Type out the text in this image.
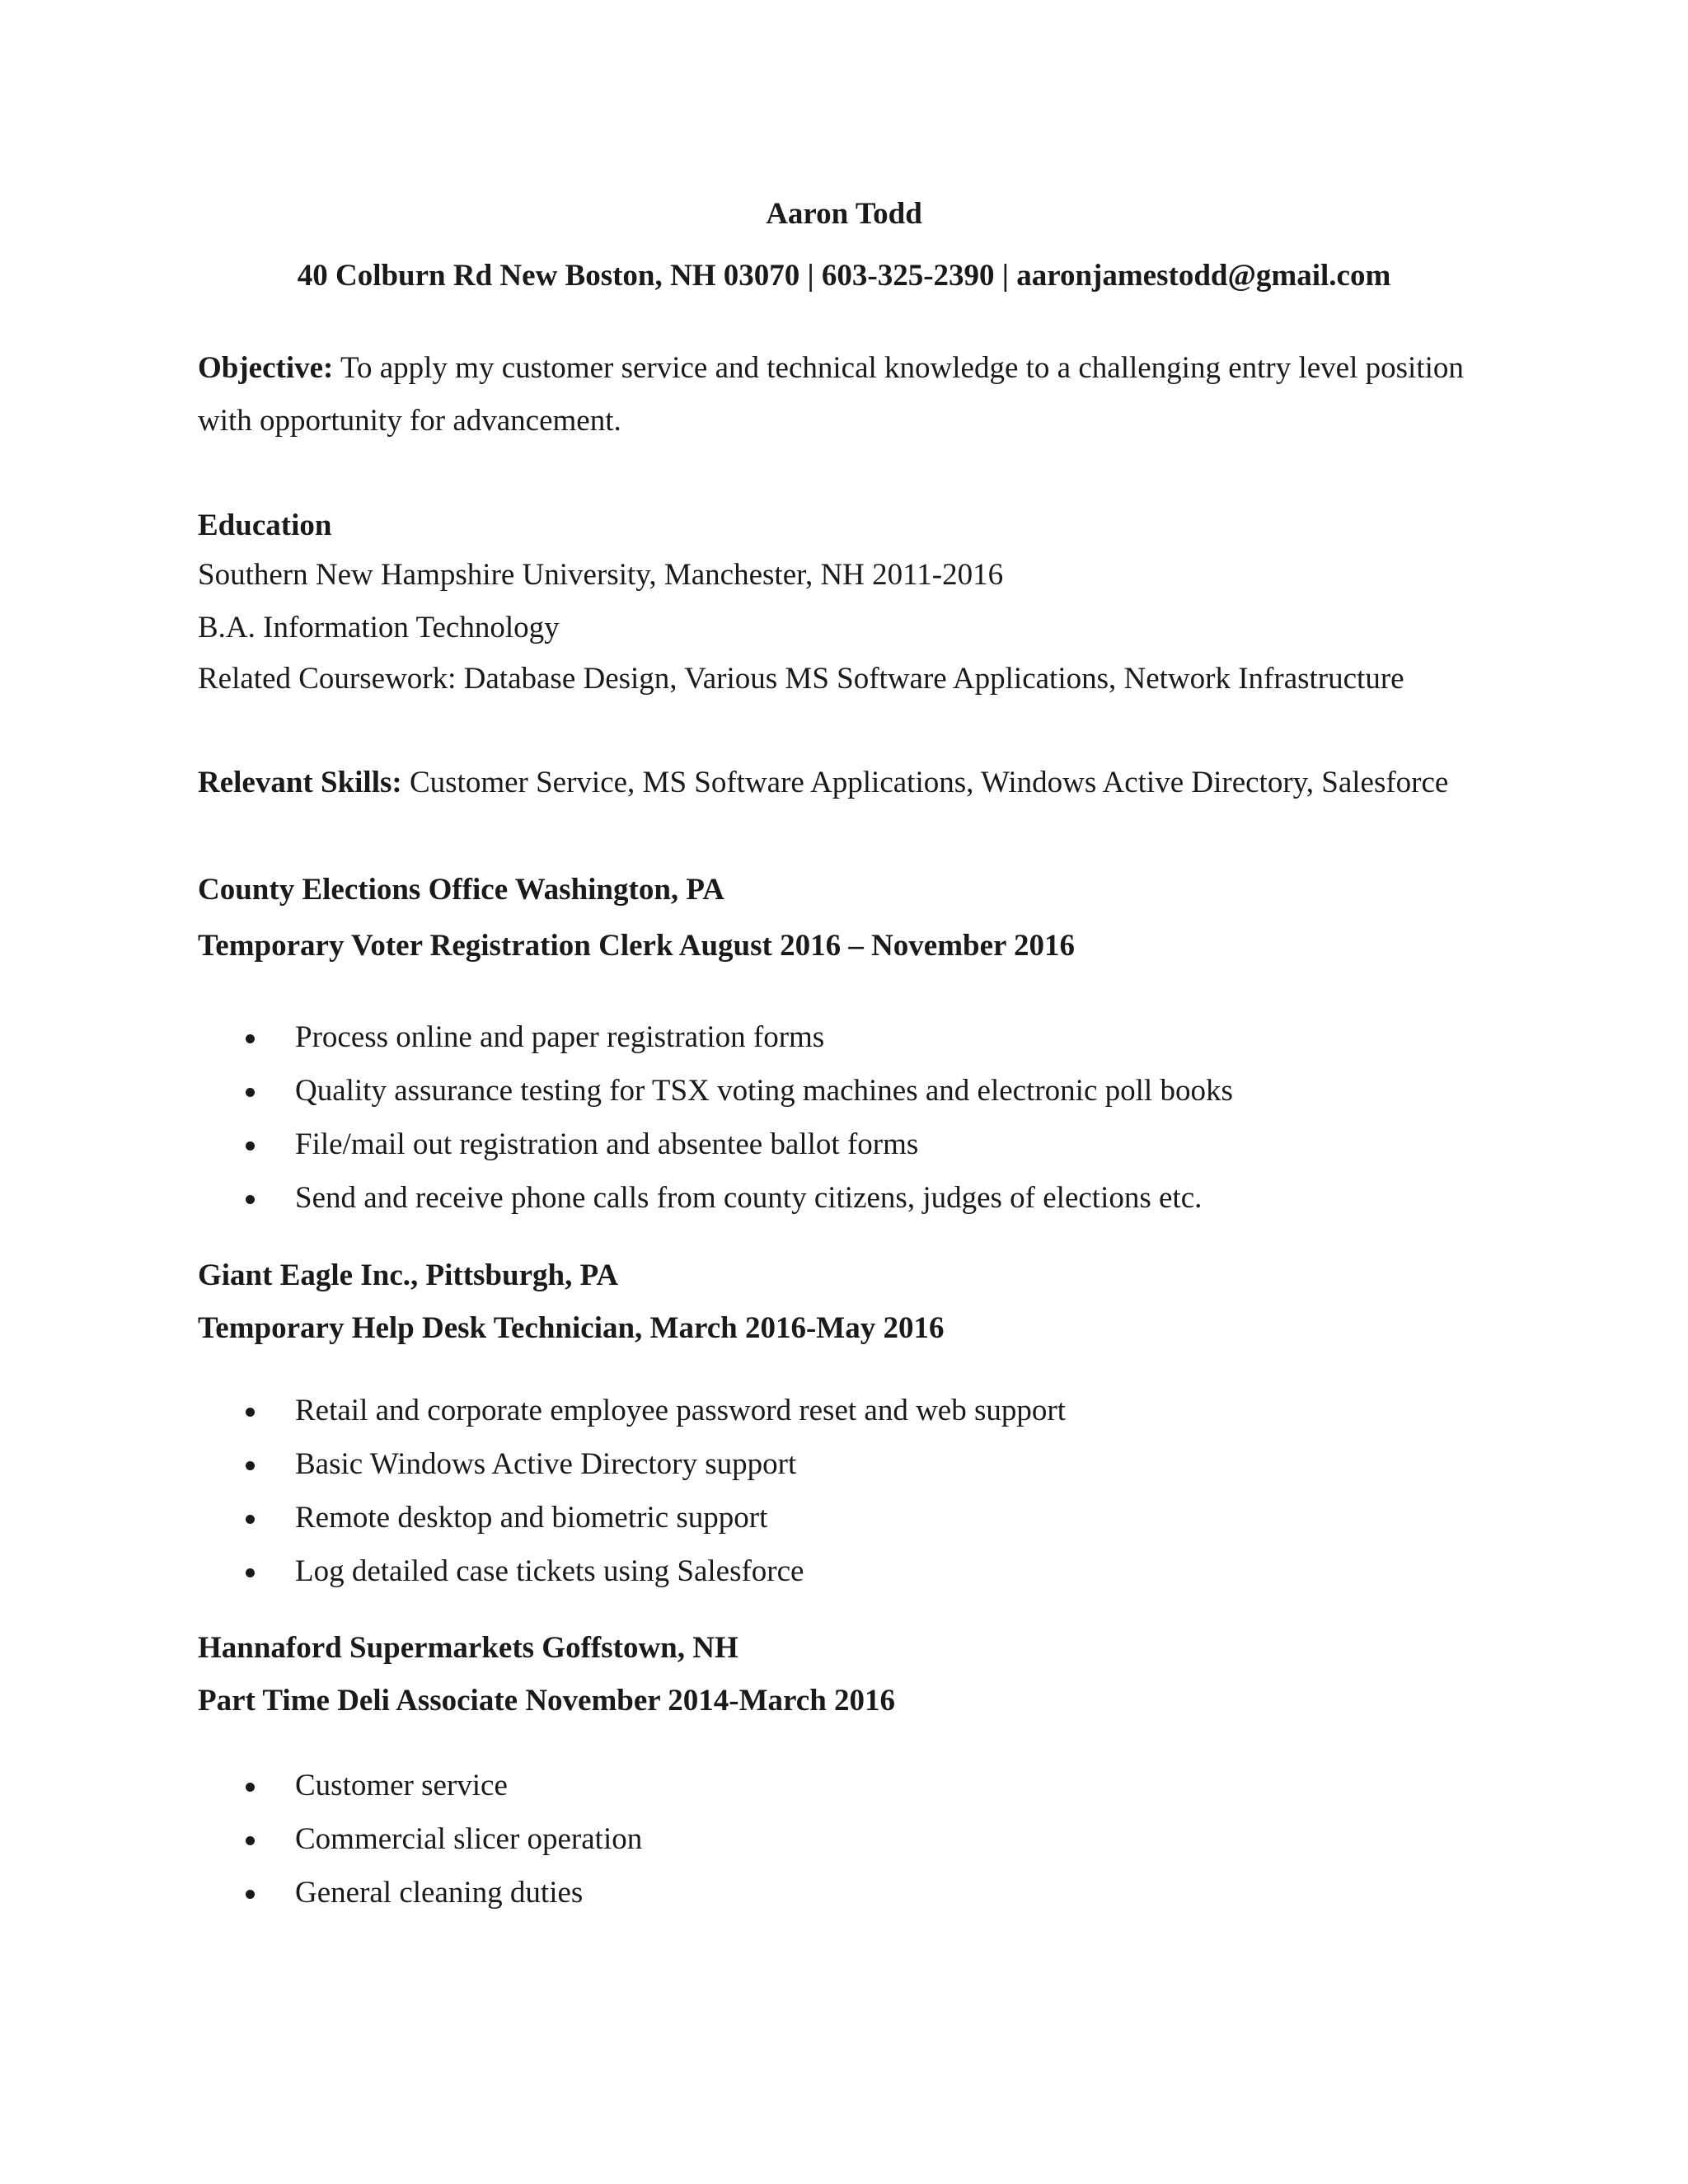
Aaron Todd
40 Colburn Rd New Boston, NH 03070 | 603-325-2390 | aaronjamestodd@gmail.com
Objective: To apply my customer service and technical knowledge to a challenging entry level position
with opportunity for advancement.
Education
Southern New Hampshire University, Manchester, NH 2011-2016
B.A. Information Technology
Related Coursework: Database Design, Various MS Software Applications, Network Infrastructure
Relevant Skills: Customer Service, MS Software Applications, Windows Active Directory, Salesforce
County Elections Office Washington, PA
Temporary Voter Registration Clerk August 2016 – November 2016
Process online and paper registration forms
Quality assurance testing for TSX voting machines and electronic poll books
File/mail out registration and absentee ballot forms
Send and receive phone calls from county citizens, judges of elections etc.
Giant Eagle Inc., Pittsburgh, PA
Temporary Help Desk Technician, March 2016-May 2016
Retail and corporate employee password reset and web support
Basic Windows Active Directory support
Remote desktop and biometric support
Log detailed case tickets using Salesforce
Hannaford Supermarkets Goffstown, NH
Part Time Deli Associate November 2014-March 2016
Customer service
Commercial slicer operation
General cleaning duties
